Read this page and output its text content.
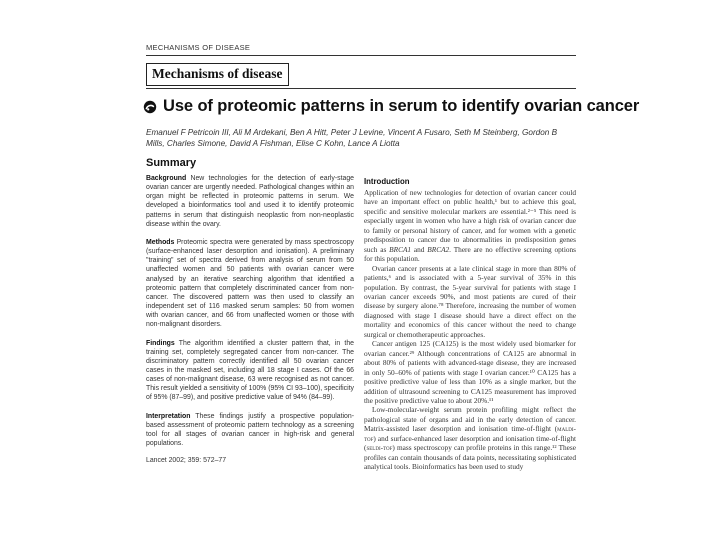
MECHANISMS OF DISEASE
Mechanisms of disease
Use of proteomic patterns in serum to identify ovarian cancer
Emanuel F Petricoin III, Ali M Ardekani, Ben A Hitt, Peter J Levine, Vincent A Fusaro, Seth M Steinberg, Gordon B Mills, Charles Simone, David A Fishman, Elise C Kohn, Lance A Liotta
Summary

Background New technologies for the detection of early-stage ovarian cancer are urgently needed. Pathological changes within an organ might be reflected in proteomic patterns in serum. We developed a bioinformatics tool and used it to identify proteomic patterns in serum that distinguish neoplastic from non-neoplastic disease within the ovary.

Methods Proteomic spectra were generated by mass spectroscopy (surface-enhanced laser desorption and ionisation). A preliminary "training" set of spectra derived from analysis of serum from 50 unaffected women and 50 patients with ovarian cancer were analysed by an iterative searching algorithm that identified a proteomic pattern that completely discriminated cancer from non-cancer. The discovered pattern was then used to classify an independent set of 116 masked serum samples: 50 from women with ovarian cancer, and 66 from unaffected women or those with non-malignant disorders.

Findings The algorithm identified a cluster pattern that, in the training set, completely segregated cancer from non-cancer. The discriminatory pattern correctly identified all 50 ovarian cancer cases in the masked set, including all 18 stage I cases. Of the 66 cases of non-malignant disease, 63 were recognised as not cancer. This result yielded a sensitivity of 100% (95% CI 93–100), specificity of 95% (87–99), and positive predictive value of 94% (84–99).

Interpretation These findings justify a prospective population-based assessment of proteomic pattern technology as a screening tool for all stages of ovarian cancer in high-risk and general populations.

Lancet 2002; 359: 572–77
Introduction

Application of new technologies for detection of ovarian cancer could have an important effect on public health,¹ but to achieve this goal, specific and sensitive molecular markers are essential.²⁻⁵ This need is especially urgent in women who have a high risk of ovarian cancer due to family or personal history of cancer, and for women with a genetic predisposition to cancer due to abnormalities in predisposition genes such as BRCA1 and BRCA2. There are no effective screening options for this population.

Ovarian cancer presents at a late clinical stage in more than 80% of patients,⁶ and is associated with a 5-year survival of 35% in this population. By contrast, the 5-year survival for patients with stage I ovarian cancer exceeds 90%, and most patients are cured of their disease by surgery alone.⁷⁸ Therefore, increasing the number of women diagnosed with stage I disease should have a direct effect on the mortality and economics of this cancer without the need to change surgical or chemotherapeutic approaches.

Cancer antigen 125 (CA125) is the most widely used biomarker for ovarian cancer.²⁹ Although concentrations of CA125 are abnormal in about 80% of patients with advanced-stage disease, they are increased in only 50–60% of patients with stage I ovarian cancer.¹⁰ CA125 has a positive predictive value of less than 10% as a single marker, but the addition of ultrasound screening to CA125 measurement has improved the positive predictive value to about 20%.¹¹

Low-molecular-weight serum protein profiling might reflect the pathological state of organs and aid in the early detection of cancer. Matrix-assisted laser desorption and ionisation time-of-flight (maldi-tof) and surface-enhanced laser desorption and ionisation time-of-flight (seldi-tof) mass spectroscopy can profile proteins in this range.¹² These profiles can contain thousands of data points, necessitating sophisticated analytical tools. Bioinformatics has been used to study
